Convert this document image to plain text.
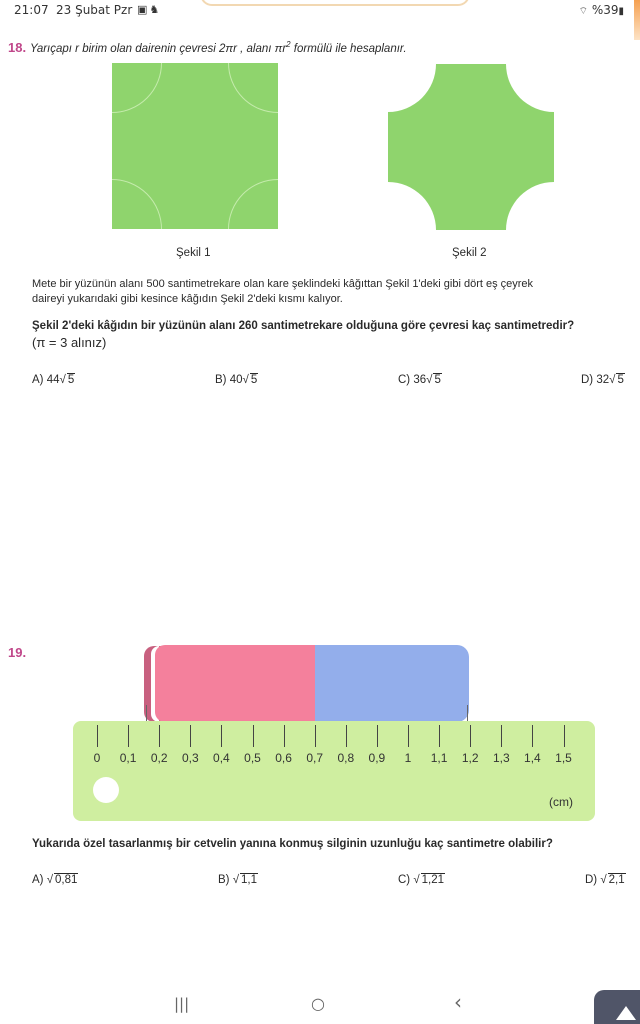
21:07 23 Şubat Pzr ▣♞	⌔ %39▮
18. Yarıçapı r birim olan dairenin çevresi 2πr , alanı $\pi r^2$ formülü ile hesaplanır.
Şekil 1	Şekil 2
Mete bir yüzünün alanı 500 santimetrekare olan kare şeklindeki kâğıttan Şekil 1'deki gibi dört eş çeyrek
daireyi yukarıdaki gibi kesince kâğıdın Şekil 2'deki kısmı kalıyor.
Şekil 2'deki kâğıdın bir yüzünün alanı 260 santimetrekare olduğuna göre çevresi kaç santimetredir?
(π = 3 alınız)
A) 44√ 5	B) 40√ 5	C) 36√ 5	D) 32√ 5
19.
0 0,1 0,2 0,3 0,4 0,5 0,6 0,7 0,8 0,9 1 1,1 1,2 1,3 1,4 1,5
(cm)
Yukarıda özel tasarlanmış bir cetvelin yanına konmuş silginin uzunluğu kaç santimetre olabilir?
A) √ 0,81	B) √ 1,1	C) √ 1,21	D) √ 2,1
|||	○	‹
